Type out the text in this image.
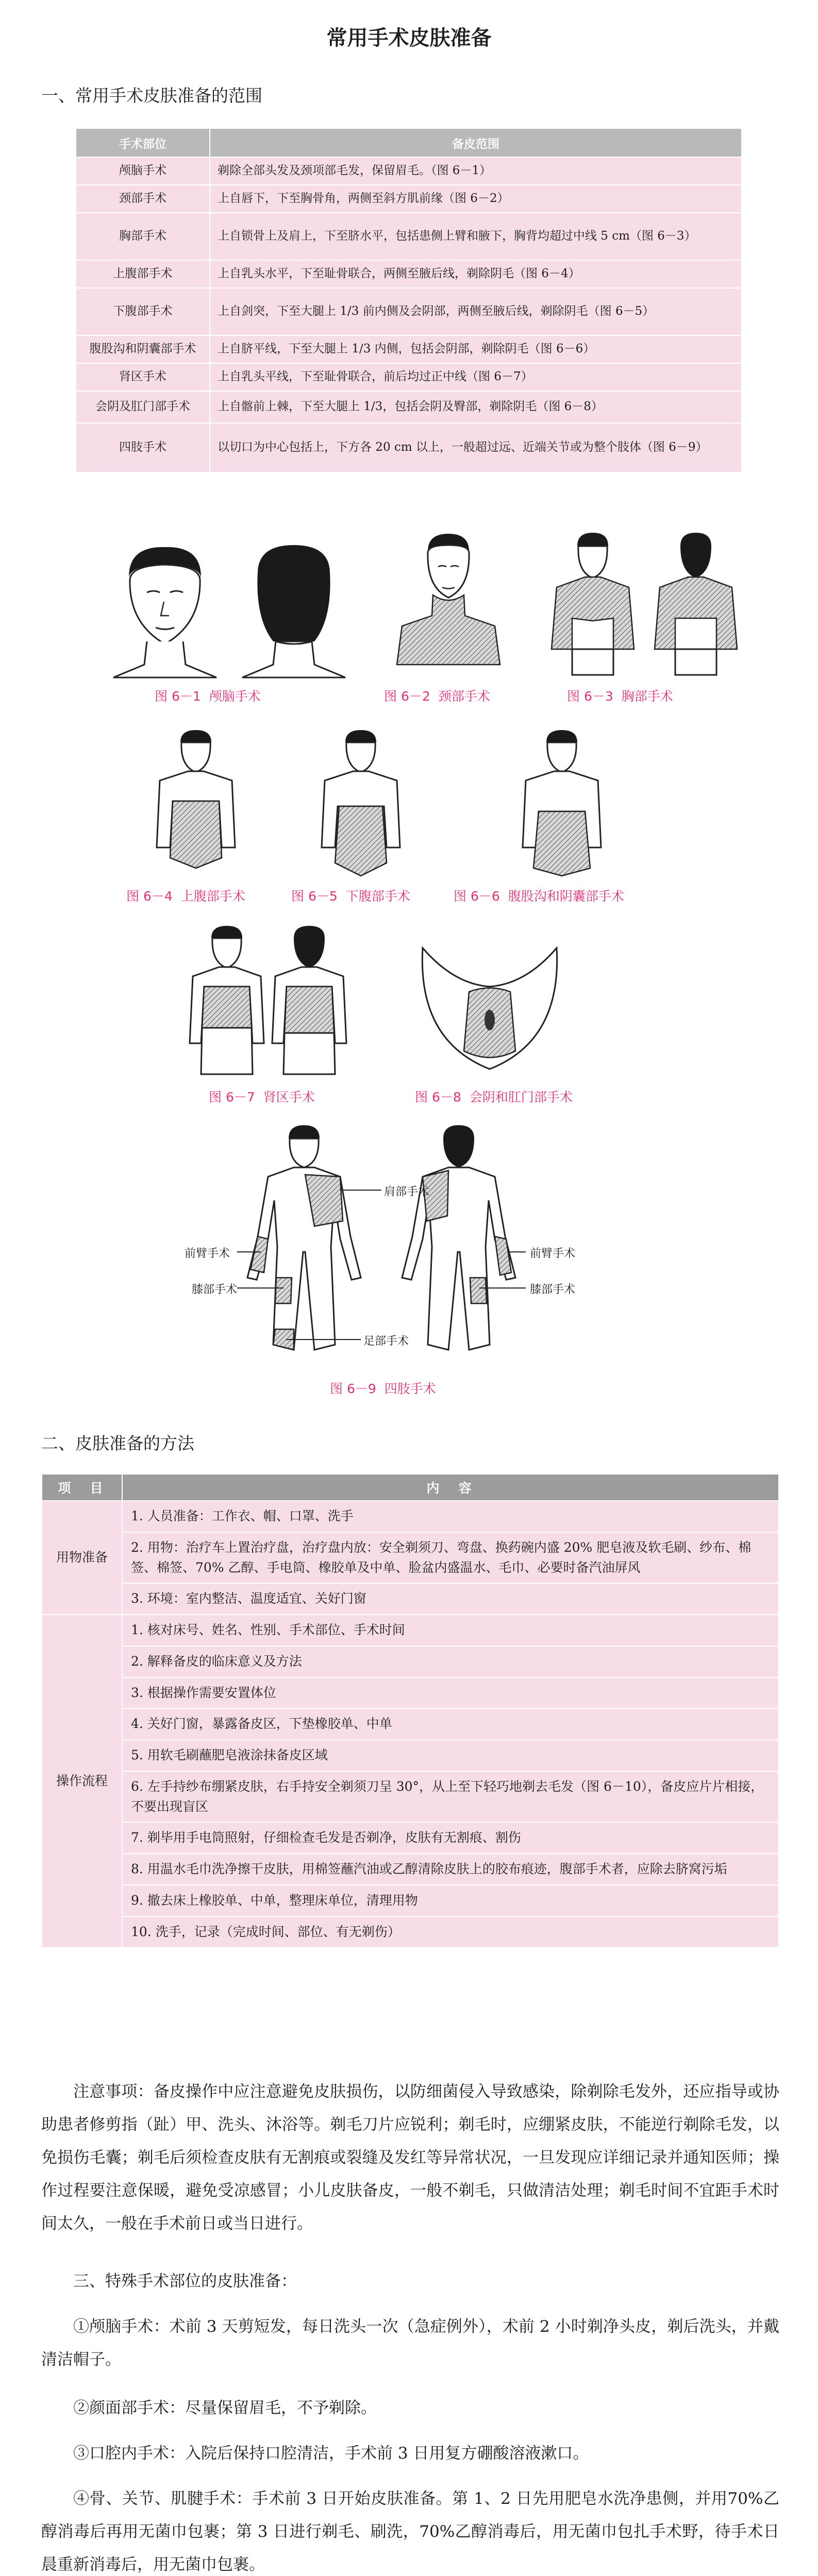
常用手术皮肤准备
一、常用手术皮肤准备的范围
手术部位	备皮范围
颅脑手术	剃除全部头发及颈项部毛发，保留眉毛。（图 6－1）
颈部手术	上自唇下，下至胸骨角，两侧至斜方肌前缘（图 6－2）
胸部手术	上自锁骨上及肩上，下至脐水平，包括患侧上臂和腋下，胸背均超过中线 5 cm（图 6－3）
上腹部手术	上自乳头水平，下至耻骨联合，两侧至腋后线，剃除阴毛（图 6－4）
下腹部手术	上自剑突，下至大腿上 1/3 前内侧及会阴部，两侧至腋后线，剃除阴毛（图 6－5）
腹股沟和阴囊部手术	上自脐平线，下至大腿上 1/3 内侧，包括会阴部，剃除阴毛（图 6－6）
肾区手术	上自乳头平线，下至耻骨联合，前后均过正中线（图 6－7）
会阴及肛门部手术	上自髂前上棘，下至大腿上 1/3，包括会阴及臀部，剃除阴毛（图 6－8）
四肢手术	以切口为中心包括上，下方各 20 cm 以上，一般超过远、近端关节或为整个肢体（图 6－9）
图 6－1 颅脑手术	图 6－2 颈部手术	图 6－3 胸部手术
图 6－4 上腹部手术	图 6－5 下腹部手术	图 6－6 腹股沟和阴囊部手术
图 6－7 肾区手术	图 6－8 会阴和肛门部手术
肩部手术
前臂手术
膝部手术
足部手术
前臂手术
膝部手术
图 6－9 四肢手术
二、皮肤准备的方法
项　目	内　容
用物准备	1. 人员准备：工作衣、帽、口罩、洗手
	2. 用物：治疗车上置治疗盘，治疗盘内放：安全剃须刀、弯盘、换药碗内盛 20% 肥皂液及软毛刷、纱布、棉签、棉签、70% 乙醇、手电筒、橡胶单及中单、脸盆内盛温水、毛巾、必要时备汽油屏风
	3. 环境：室内整洁、温度适宜、关好门窗
操作流程	1. 核对床号、姓名、性别、手术部位、手术时间
	2. 解释备皮的临床意义及方法
	3. 根据操作需要安置体位
	4. 关好门窗，暴露备皮区，下垫橡胶单、中单
	5. 用软毛刷蘸肥皂液涂抹备皮区域
	6. 左手持纱布绷紧皮肤，右手持安全剃须刀呈 30°，从上至下轻巧地剃去毛发（图 6－10），备皮应片片相接，不要出现盲区
	7. 剃毕用手电筒照射，仔细检查毛发是否剃净，皮肤有无割痕、割伤
	8. 用温水毛巾洗净擦干皮肤，用棉签蘸汽油或乙醇清除皮肤上的胶布痕迹，腹部手术者，应除去脐窝污垢
	9. 撤去床上橡胶单、中单，整理床单位，清理用物
	10. 洗手，记录（完成时间、部位、有无剃伤）
注意事项：备皮操作中应注意避免皮肤损伤，以防细菌侵入导致感染，除剃除毛发外，还应指导或协助患者修剪指（趾）甲、洗头、沐浴等。剃毛刀片应锐利；剃毛时，应绷紧皮肤，不能逆行剃除毛发，以免损伤毛囊；剃毛后须检查皮肤有无割痕或裂缝及发红等异常状况，一旦发现应详细记录并通知医师；操作过程要注意保暖，避免受凉感冒；小儿皮肤备皮，一般不剃毛，只做清洁处理；剃毛时间不宜距手术时间太久，一般在手术前日或当日进行。
三、特殊手术部位的皮肤准备：
①颅脑手术：术前 3 天剪短发，每日洗头一次（急症例外），术前 2 小时剃净头皮，剃后洗头，并戴清洁帽子。
②颜面部手术：尽量保留眉毛，不予剃除。
③口腔内手术：入院后保持口腔清洁，手术前 3 日用复方硼酸溶液漱口。
④骨、关节、肌腱手术：手术前 3 日开始皮肤准备。第 1、2 日先用肥皂水洗净患侧，并用70%乙醇消毒后再用无菌巾包裹；第 3 日进行剃毛、刷洗，70%乙醇消毒后，用无菌巾包扎手术野，待手术日晨重新消毒后，用无菌巾包裹。
